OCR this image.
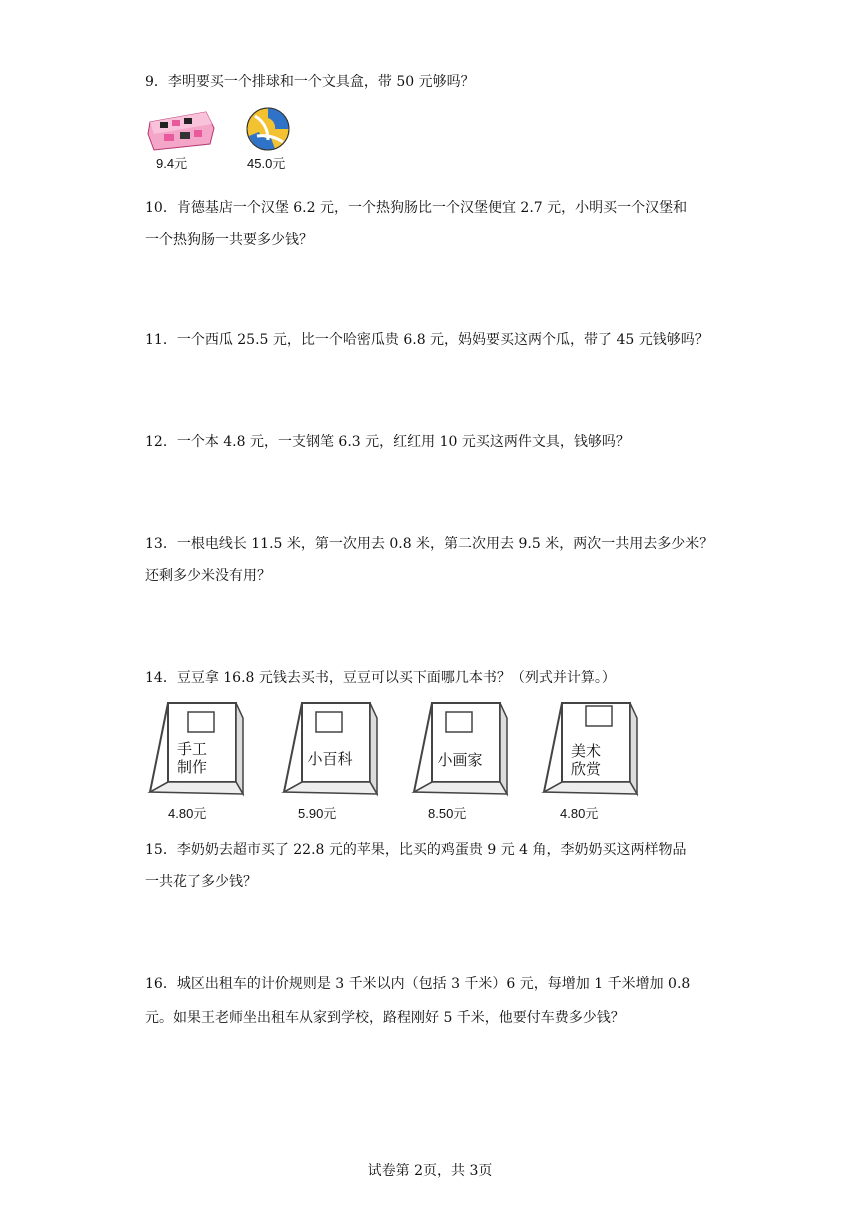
9．李明要买一个排球和一个文具盒，带 50 元够吗？
9.4元	45.0元
10．肯德基店一个汉堡 6.2 元，一个热狗肠比一个汉堡便宜 2.7 元，小明买一个汉堡和
一个热狗肠一共要多少钱？
11．一个西瓜 25.5 元，比一个哈密瓜贵 6.8 元，妈妈要买这两个瓜，带了 45 元钱够吗？
12．一个本 4.8 元，一支钢笔 6.3 元，红红用 10 元买这两件文具，钱够吗？
13．一根电线长 11.5 米，第一次用去 0.8 米，第二次用去 9.5 米，两次一共用去多少米？
还剩多少米没有用？
14．豆豆拿 16.8 元钱去买书，豆豆可以买下面哪几本书？（列式并计算。）
手工
制作
4.80元
小百科
5.90元
小画家
8.50元
美术
欣赏
4.80元
15．李奶奶去超市买了 22.8 元的苹果，比买的鸡蛋贵 9 元 4 角，李奶奶买这两样物品
一共花了多少钱？
16．城区出租车的计价规则是 3 千米以内（包括 3 千米）6 元，每增加 1 千米增加 0.8
元。如果王老师坐出租车从家到学校，路程刚好 5 千米，他要付车费多少钱？
试卷第 2页，共 3页
